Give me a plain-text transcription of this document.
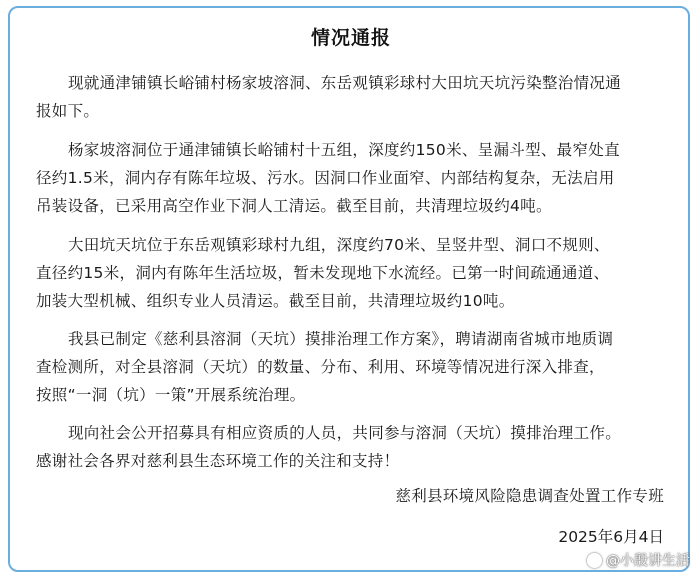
情况通报
现就通津铺镇长峪铺村杨家坡溶洞、东岳观镇彩球村大田坑天坑污染整治情况通
报如下。
杨家坡溶洞位于通津铺镇长峪铺村十五组，深度约150米、呈漏斗型、最窄处直
径约1.5米，洞内存有陈年垃圾、污水。因洞口作业面窄、内部结构复杂，无法启用
吊装设备，已采用高空作业下洞人工清运。截至目前，共清理垃圾约4吨。
大田坑天坑位于东岳观镇彩球村九组，深度约70米、呈竖井型、洞口不规则、
直径约15米，洞内有陈年生活垃圾，暂未发现地下水流经。已第一时间疏通通道、
加装大型机械、组织专业人员清运。截至目前，共清理垃圾约10吨。
我县已制定《慈利县溶洞（天坑）摸排治理工作方案》，聘请湖南省城市地质调
查检测所，对全县溶洞（天坑）的数量、分布、利用、环境等情况进行深入排查，
按照“一洞（坑）一策”开展系统治理。
现向社会公开招募具有相应资质的人员，共同参与溶洞（天坑）摸排治理工作。
感谢社会各界对慈利县生态环境工作的关注和支持！
慈利县环境风险隐患调查处置工作专班
2025年6月4日
@小殷讲生活
